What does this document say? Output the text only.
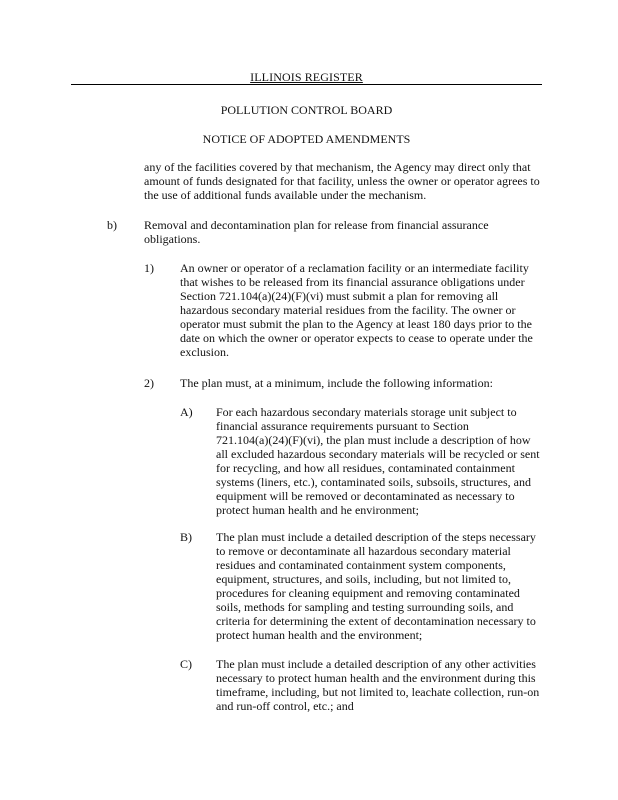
ILLINOIS REGISTER
POLLUTION CONTROL BOARD
NOTICE OF ADOPTED AMENDMENTS
any of the facilities covered by that mechanism, the Agency may direct only that
amount of funds designated for that facility, unless the owner or operator agrees to
the use of additional funds available under the mechanism.
b) Removal and decontamination plan for release from financial assurance
obligations.
1) An owner or operator of a reclamation facility or an intermediate facility
that wishes to be released from its financial assurance obligations under
Section 721.104(a)(24)(F)(vi) must submit a plan for removing all
hazardous secondary material residues from the facility. The owner or
operator must submit the plan to the Agency at least 180 days prior to the
date on which the owner or operator expects to cease to operate under the
exclusion.
2) The plan must, at a minimum, include the following information:
A) For each hazardous secondary materials storage unit subject to
financial assurance requirements pursuant to Section
721.104(a)(24)(F)(vi), the plan must include a description of how
all excluded hazardous secondary materials will be recycled or sent
for recycling, and how all residues, contaminated containment
systems (liners, etc.), contaminated soils, subsoils, structures, and
equipment will be removed or decontaminated as necessary to
protect human health and he environment;
B) The plan must include a detailed description of the steps necessary
to remove or decontaminate all hazardous secondary material
residues and contaminated containment system components,
equipment, structures, and soils, including, but not limited to,
procedures for cleaning equipment and removing contaminated
soils, methods for sampling and testing surrounding soils, and
criteria for determining the extent of decontamination necessary to
protect human health and the environment;
C) The plan must include a detailed description of any other activities
necessary to protect human health and the environment during this
timeframe, including, but not limited to, leachate collection, run-on
and run-off control, etc.; and
